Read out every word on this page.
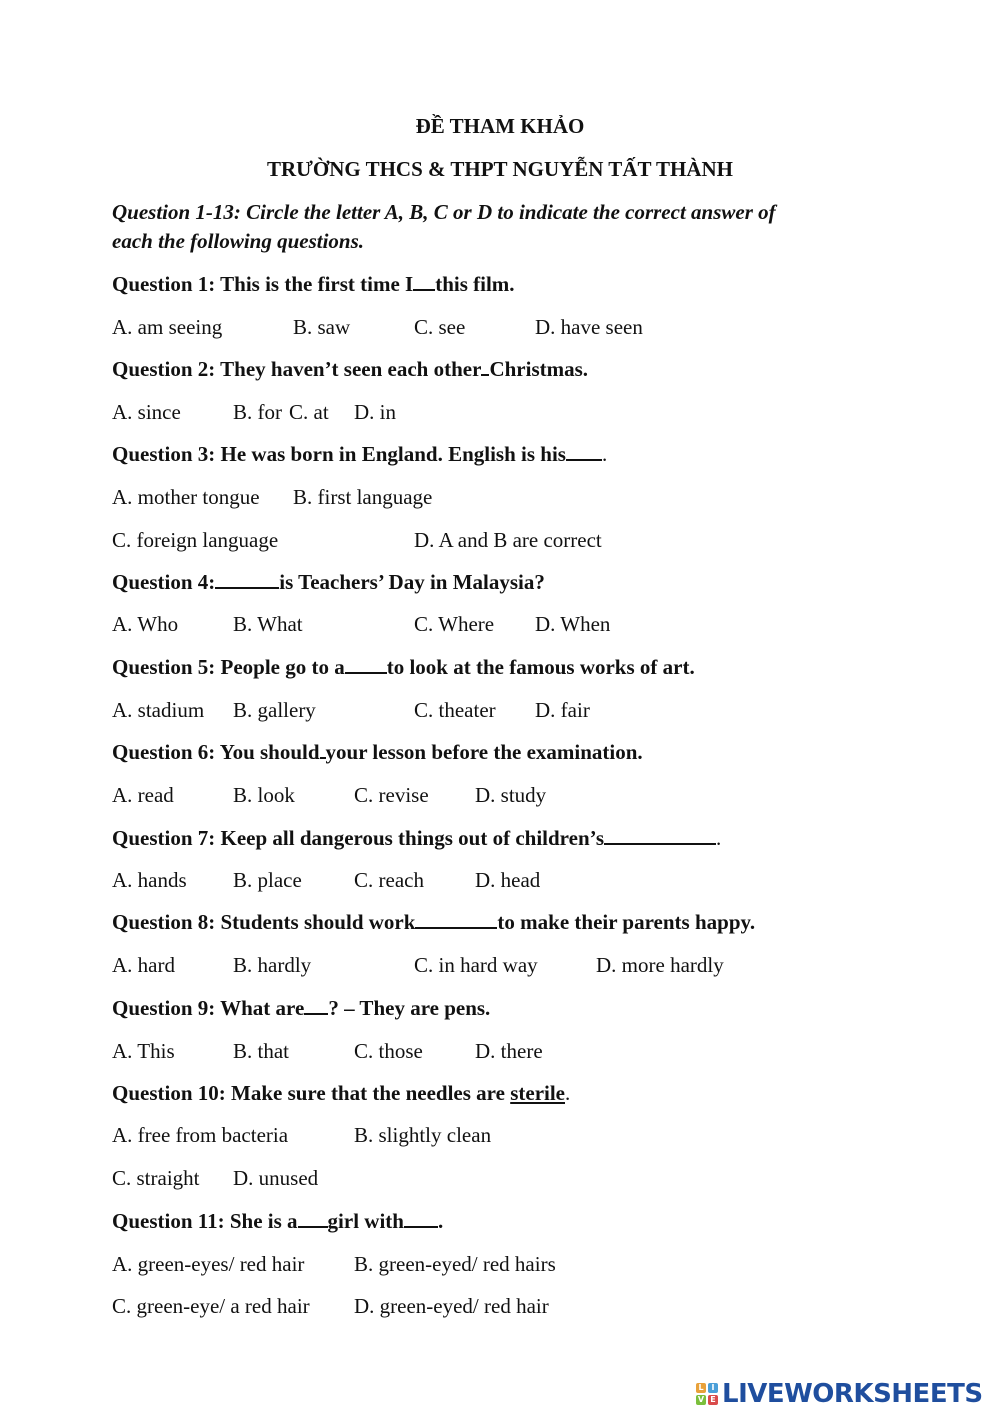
ĐỀ THAM KHẢO
TRƯỜNG THCS & THPT NGUYỄN TẤT THÀNH
Question 1-13: Circle the letter A, B, C or D to indicate the correct answer of
each the following questions.
Question 1: This is the first time I this film.
A. am seeing	B. saw	C. see	D. have seen
Question 2: They haven’t seen each other Christmas.
A. since B. for C. at D. in
Question 3: He was born in England. English is his .
A. mother tongue B. first language
C. foreign language	D. A and B are correct
Question 4:	is Teachers’ Day in Malaysia?
A. Who	B. What	C. Where D. When
Question 5: People go to a to look at the famous works of art.
A. stadium B. gallery	C. theater D. fair
Question 6: You should your lesson before the examination.
A. read	B. look	C. revise D. study
Question 7: Keep all dangerous things out of children’s	.
A. hands B. place C. reach D. head
Question 8: Students should work	to make their parents happy.
A. hard	B. hardly	C. in hard way	D. more hardly
Question 9: What are ? – They are pens.
A. This	B. that	C. those D. there
Question 10: Make sure that the needles are sterile.
A. free from bacteria	B. slightly clean
C. straight D. unused
Question 11: She is a girl with .
A. green-eyes/ red hair B. green-eyed/ red hairs
C. green-eye/ a red hair D. green-eyed/ red hair
L I
V E LIVEWORKSHEETS
